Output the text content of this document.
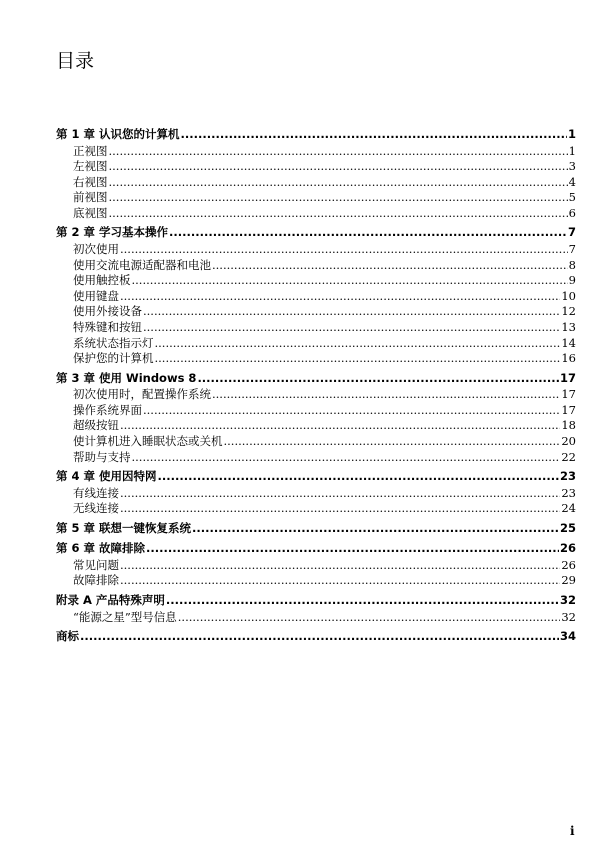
目录
第 1 章 认识您的计算机 .....	1
正视图 .....	1
左视图 .....	3
右视图 .....	4
前视图 .....	5
底视图 .....	6
第 2 章 学习基本操作 .....	7
初次使用 .....	7
使用交流电源适配器和电池 .....	8
使用触控板 .....	9
使用键盘 .....	10
使用外接设备 .....	12
特殊键和按钮 .....	13
系统状态指示灯 .....	14
保护您的计算机 .....	16
第 3 章 使用 Windows 8 .....	17
初次使用时，配置操作系统 .....	17
操作系统界面 .....	17
超级按钮 .....	18
使计算机进入睡眠状态或关机 .....	20
帮助与支持 .....	22
第 4 章 使用因特网 .....	23
有线连接 .....	23
无线连接 .....	24
第 5 章 联想一键恢复系统 .....	25
第 6 章 故障排除 .....	26
常见问题 .....	26
故障排除 .....	29
附录 A 产品特殊声明 .....	32
“能源之星”型号信息 .....	32
商标 .....	34
i
